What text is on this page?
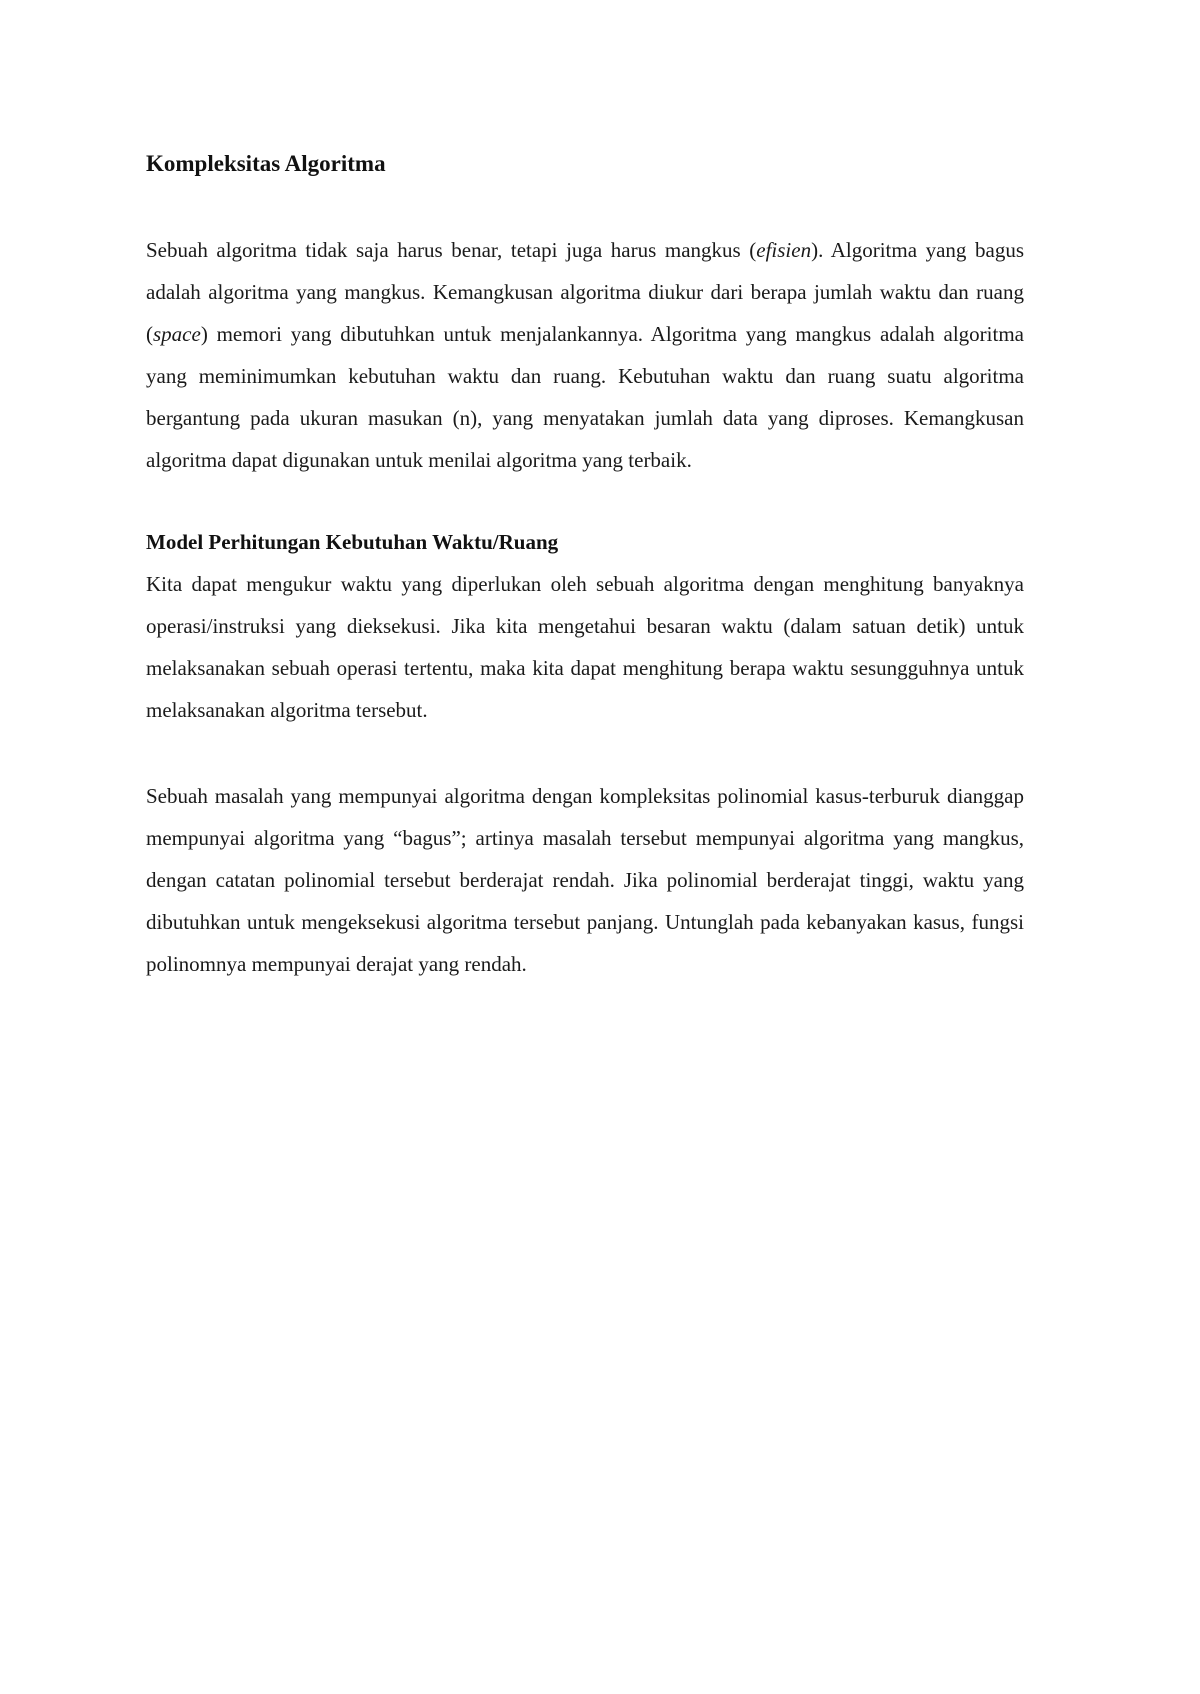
Kompleksitas Algoritma

Sebuah algoritma tidak saja harus benar, tetapi juga harus mangkus (efisien). Algoritma yang bagus adalah algoritma yang mangkus. Kemangkusan algoritma diukur dari berapa jumlah waktu dan ruang (space) memori yang dibutuhkan untuk menjalankannya. Algoritma yang mangkus adalah algoritma yang meminimumkan kebutuhan waktu dan ruang. Kebutuhan waktu dan ruang suatu algoritma bergantung pada ukuran masukan (n), yang menyatakan jumlah data yang diproses. Kemangkusan algoritma dapat digunakan untuk menilai algoritma yang terbaik.

Model Perhitungan Kebutuhan Waktu/Ruang

Kita dapat mengukur waktu yang diperlukan oleh sebuah algoritma dengan menghitung banyaknya operasi/instruksi yang dieksekusi. Jika kita mengetahui besaran waktu (dalam satuan detik) untuk melaksanakan sebuah operasi tertentu, maka kita dapat menghitung berapa waktu sesungguhnya untuk melaksanakan algoritma tersebut.

Sebuah masalah yang mempunyai algoritma dengan kompleksitas polinomial kasus-terburuk dianggap mempunyai algoritma yang “bagus”; artinya masalah tersebut mempunyai algoritma yang mangkus, dengan catatan polinomial tersebut berderajat rendah. Jika polinomial berderajat tinggi, waktu yang dibutuhkan untuk mengeksekusi algoritma tersebut panjang. Untunglah pada kebanyakan kasus, fungsi polinomnya mempunyai derajat yang rendah.
